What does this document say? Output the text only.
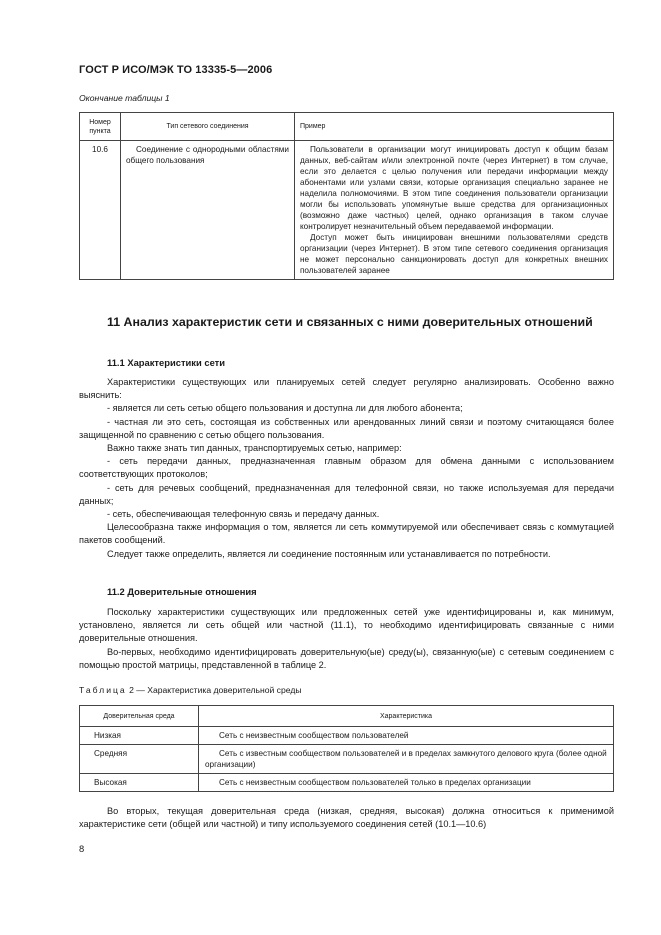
ГОСТ Р ИСО/МЭК ТО 13335-5—2006
Окончание таблицы 1
Номер пункта	Тип сетевого соединения	Пример
10.6	Соединение с однородными областями общего пользования	Пользователи в организации могут инициировать доступ к общим базам данных, веб-сайтам и/или электронной почте (через Интернет) в том случае, если это делается с целью получения или передачи информации между абонентами или узлами связи, которые организация специально заранее не наделила полномочиями. В этом типе соединения пользователи организации могли бы использовать упомянутые выше средства для организационных (возможно даже частных) целей, однако организация в таком случае контролирует незначительный объем передаваемой информации.

Доступ может быть инициирован внешними пользователями средств организации (через Интернет). В этом типе сетевого соединения организация не может персонально санкционировать доступ для конкретных внешних пользователей заранее

11 Анализ характеристик сети и связанных с ними доверительных отношений
11.1 Характеристики сети

Характеристики существующих или планируемых сетей следует регулярно анализировать. Особенно важно выяснить:

- является ли сеть сетью общего пользования и доступна ли для любого абонента;

- частная ли это сеть, состоящая из собственных или арендованных линий связи и поэтому считающаяся более защищенной по сравнению с сетью общего пользования.

Важно также знать тип данных, транспортируемых сетью, например:

- сеть передачи данных, предназначенная главным образом для обмена данными с использованием соответствующих протоколов;

- сеть для речевых сообщений, предназначенная для телефонной связи, но также используемая для передачи данных;

- сеть, обеспечивающая телефонную связь и передачу данных.

Целесообразна также информация о том, является ли сеть коммутируемой или обеспечивает связь с коммутацией пакетов сообщений.

Следует также определить, является ли соединение постоянным или устанавливается по потребности.

11.2 Доверительные отношения

Поскольку характеристики существующих или предложенных сетей уже идентифицированы и, как минимум, установлено, является ли сеть общей или частной (11.1), то необходимо идентифицировать связанные с ними доверительные отношения.

Во-первых, необходимо идентифицировать доверительную(ые) среду(ы), связанную(ые) с сетевым соединением с помощью простой матрицы, представленной в таблице 2.

Таблица 2 — Характеристика доверительной среды
Доверительная среда	Характеристика
Низкая	Сеть с неизвестным сообществом пользователей
Средняя	Сеть с известным сообществом пользователей и в пределах замкнутого делового круга (более одной организации)
Высокая	Сеть с неизвестным сообществом пользователей только в пределах организации

Во вторых, текущая доверительная среда (низкая, средняя, высокая) должна относиться к применимой характеристике сети (общей или частной) и типу используемого соединения сетей (10.1—10.6)

8
